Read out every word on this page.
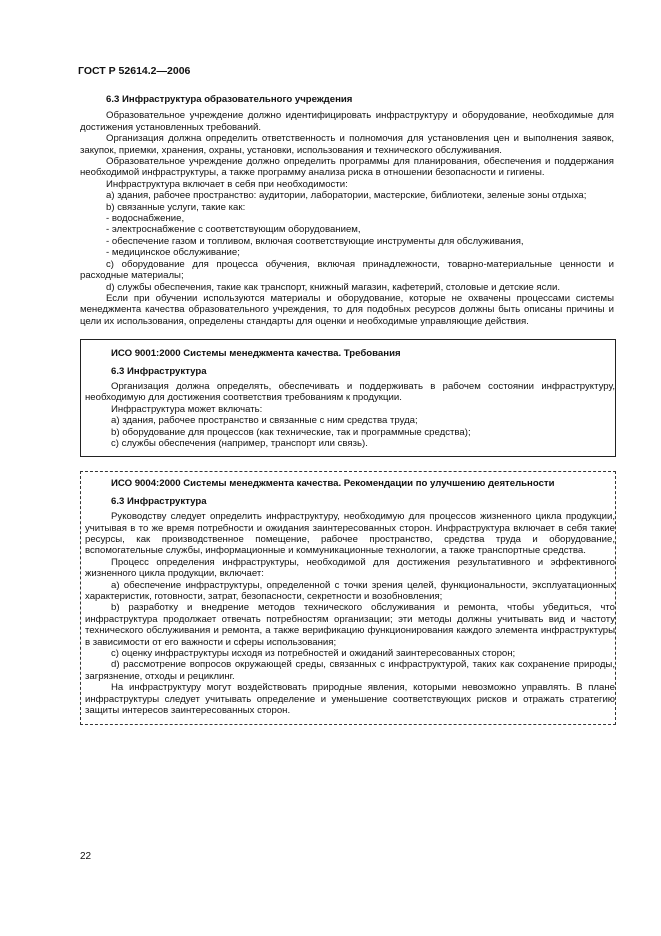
ГОСТ Р 52614.2—2006
6.3 Инфраструктура образовательного учреждения

Образовательное учреждение должно идентифицировать инфраструктуру и оборудование, необходимые для достижения установленных требований.

Организация должна определить ответственность и полномочия для установления цен и выполнения заявок, закупок, приемки, хранения, охраны, установки, использования и технического обслуживания.

Образовательное учреждение должно определить программы для планирования, обеспечения и поддержания необходимой инфраструктуры, а также программу анализа риска в отношении безопасности и гигиены.

Инфраструктура включает в себя при необходимости:

а) здания, рабочее пространство: аудитории, лаборатории, мастерские, библиотеки, зеленые зоны отдыха;

b) связанные услуги, такие как:

- водоснабжение,

- электроснабжение с соответствующим оборудованием,

- обеспечение газом и топливом, включая соответствующие инструменты для обслуживания,

- медицинское обслуживание;

c) оборудование для процесса обучения, включая принадлежности, товарно-материальные ценности и расходные материалы;

d) службы обеспечения, такие как транспорт, книжный магазин, кафетерий, столовые и детские ясли.

Если при обучении используются материалы и оборудование, которые не охвачены процессами системы менеджмента качества образовательного учреждения, то для подобных ресурсов должны быть описаны причины и цели их использования, определены стандарты для оценки и необходимые управляющие действия.

ИСО 9001:2000 Системы менеджмента качества. Требования
6.3 Инфраструктура

Организация должна определять, обеспечивать и поддерживать в рабочем состоянии инфраструктуру, необходимую для достижения соответствия требованиям к продукции.

Инфраструктура может включать:

а) здания, рабочее пространство и связанные с ним средства труда;

b) оборудование для процессов (как технические, так и программные средства);

c) службы обеспечения (например, транспорт или связь).

ИСО 9004:2000 Системы менеджмента качества. Рекомендации по улучшению деятельности

6.3 Инфраструктура

Руководству следует определить инфраструктуру, необходимую для процессов жизненного цикла продукции, учитывая в то же время потребности и ожидания заинтересованных сторон. Инфраструктура включает в себя такие ресурсы, как производственное помещение, рабочее пространство, средства труда и оборудование, вспомогательные службы, информационные и коммуникационные технологии, а также транспортные средства.

Процесс определения инфраструктуры, необходимой для достижения результативного и эффективного жизненного цикла продукции, включает:

а) обеспечение инфраструктуры, определенной с точки зрения целей, функциональности, эксплуатационных характеристик, готовности, затрат, безопасности, секретности и возобновления;

b) разработку и внедрение методов технического обслуживания и ремонта, чтобы убедиться, что инфраструктура продолжает отвечать потребностям организации; эти методы должны учитывать вид и частоту технического обслуживания и ремонта, а также верификацию функционирования каждого элемента инфраструктуры в зависимости от его важности и сферы использования;

c) оценку инфраструктуры исходя из потребностей и ожиданий заинтересованных сторон;

d) рассмотрение вопросов окружающей среды, связанных с инфраструктурой, таких как сохранение природы, загрязнение, отходы и рециклинг.

На инфраструктуру могут воздействовать природные явления, которыми невозможно управлять. В плане инфраструктуры следует учитывать определение и уменьшение соответствующих рисков и отражать стратегию защиты интересов заинтересованных сторон.

22
